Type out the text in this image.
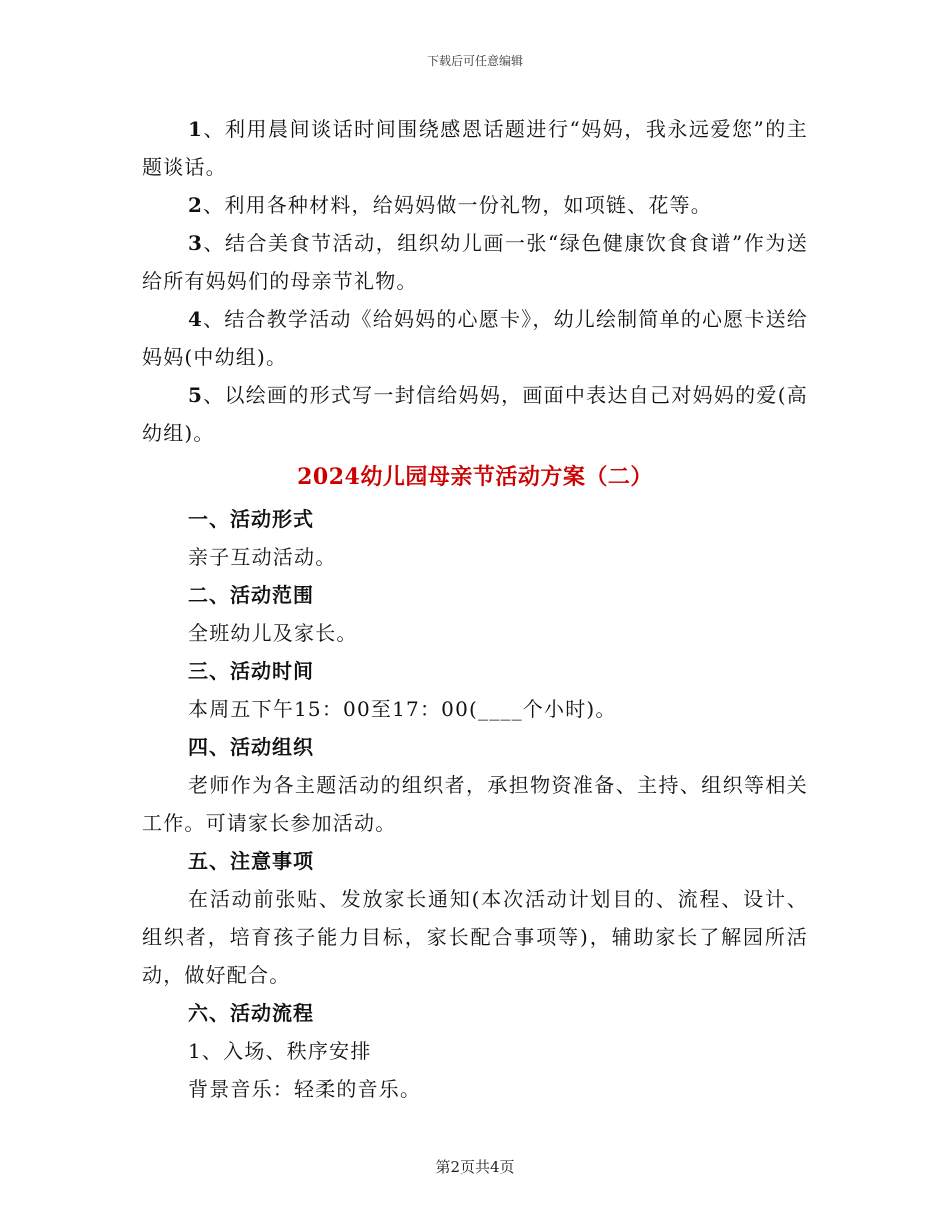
下载后可任意编辑

1、利用晨间谈话时间围绕感恩话题进行“妈妈，我永远爱您”的主题谈话。

2、利用各种材料，给妈妈做一份礼物，如项链、花等。

3、结合美食节活动，组织幼儿画一张“绿色健康饮食食谱”作为送给所有妈妈们的母亲节礼物。

4、结合教学活动《给妈妈的心愿卡》，幼儿绘制简单的心愿卡送给妈妈(中幼组)。

5、以绘画的形式写一封信给妈妈，画面中表达自己对妈妈的爱(高幼组)。

2024幼儿园母亲节活动方案（二）
一、活动形式

亲子互动活动。

二、活动范围

全班幼儿及家长。

三、活动时间

本周五下午15：00至17：00(____个小时)。

四、活动组织

老师作为各主题活动的组织者，承担物资准备、主持、组织等相关工作。可请家长参加活动。

五、注意事项

在活动前张贴、发放家长通知(本次活动计划目的、流程、设计、组织者，培育孩子能力目标，家长配合事项等)，辅助家长了解园所活动，做好配合。

六、活动流程

1、入场、秩序安排

背景音乐：轻柔的音乐。

第2页共4页
